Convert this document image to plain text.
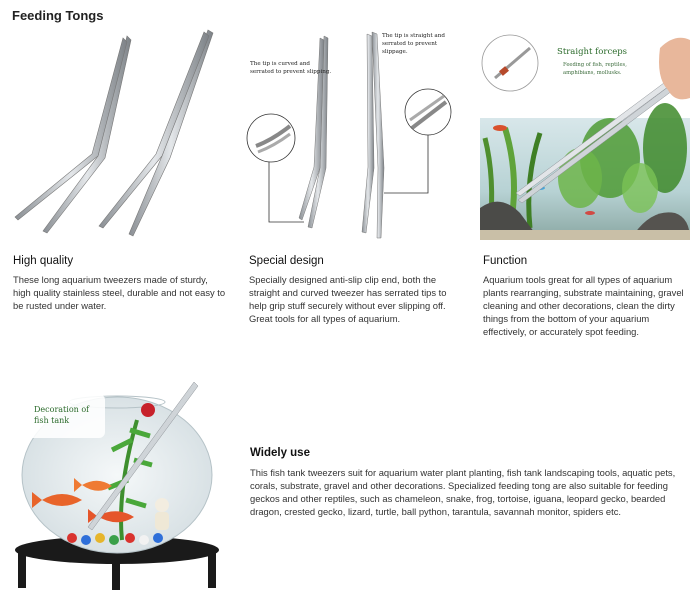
Feeding Tongs
The tip is curved and serrated to prevent slipping.
The tip is straight and serrated to prevent slippage.	Straight forceps
Feeding of fish, reptiles, amphibians, mollusks.
High quality
These long aquarium tweezers made of sturdy, high quality stainless steel, durable and not easy to be rusted under water.
Special design
Specially designed anti-slip clip end, both the straight and curved tweezer has serrated tips to help grip stuff securely without ever slipping off. Great tools for all types of aquarium.
Function
Aquarium tools great for all types of aquarium plants rearranging, substrate maintaining, gravel cleaning and other decorations, clean the dirty things from the bottom of your aquarium effectively, or accurately spot feeding.
Decoration of fish tank
Widely use
This fish tank tweezers suit for aquarium water plant planting, fish tank landscaping tools, aquatic pets, corals, substrate, gravel and other decorations. Specialized feeding tong are also suitable for feeding geckos and other reptiles, such as chameleon, snake, frog, tortoise, iguana, leopard gecko, bearded dragon, crested gecko, lizard, turtle, ball python, tarantula, savannah monitor, spiders etc.
